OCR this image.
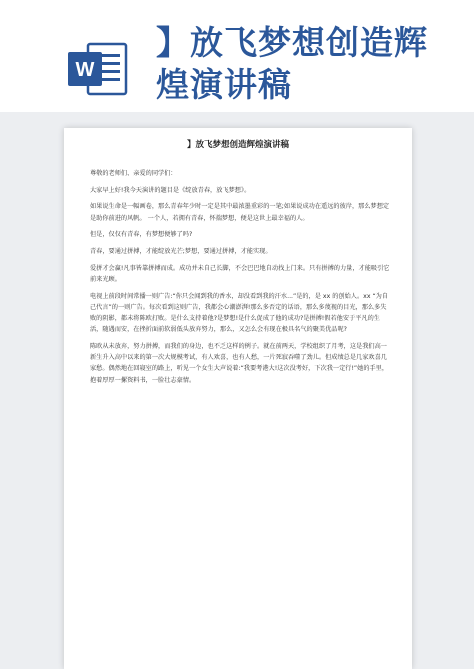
W
】放飞梦想创造辉
煌演讲稿
】放飞梦想创造辉煌演讲稿

尊敬的老师们、亲爱的同学们：

大家早上好!我今天演讲的题目是《绽放青春，放飞梦想》。

如果说生命是一幅画卷，那么青春年少时一定是其中最浓墨重彩的一笔;如果说成功在遥远的彼岸，那么梦想定是助你前进的风帆。 一个人，若拥有青春，怀揣梦想，便是这世上最幸福的人。

但是，仅仅有青春，有梦想便够了吗?

青春，要通过拼搏，才能绽放光芒;梦想，要通过拼搏，才能实现。

爱拼才会赢!凡事皆靠拼搏而成。成功并未自己长脚，不会巴巴地自动找上门来。只有拼搏的力量，才能吸引它前来光顾。

电视上前段时间常播一则广告:“你只会闻到我的香水，却没看到我的汗水...”是的，是 xx 的创始人。xx “为自己代言”的一则广告。每次看到这则广告，我都会心潮澎湃!那么多否定的话语，那么多蔑视的目光，那么多失败的阴影，都未将陈欧打败。是什么支持着他?是梦想!是什么促成了他的成功?是拼搏!假若他安于平凡的生活，随遇而安，在挫折面前软弱低头放弃努力，那么，又怎么会有现在极具名气的聚美优品呢?

陈欧从未放弃，努力拼搏，而我们的身边，也不乏这样的例子。就在前两天，学校组织了月考，这是我们高一新生升入高中以来的第一次大规模考试，有人欢喜，也有人愁，一片死寂吞噬了劲儿。但成绩总是几家欢喜几家愁。偶然地在回寝室的路上，听见一个女生大声说着:“我要考港大!这次没考好，下次我一定行!”她的手里，抱着厚厚一摞资料书，一脸壮志豪情。
